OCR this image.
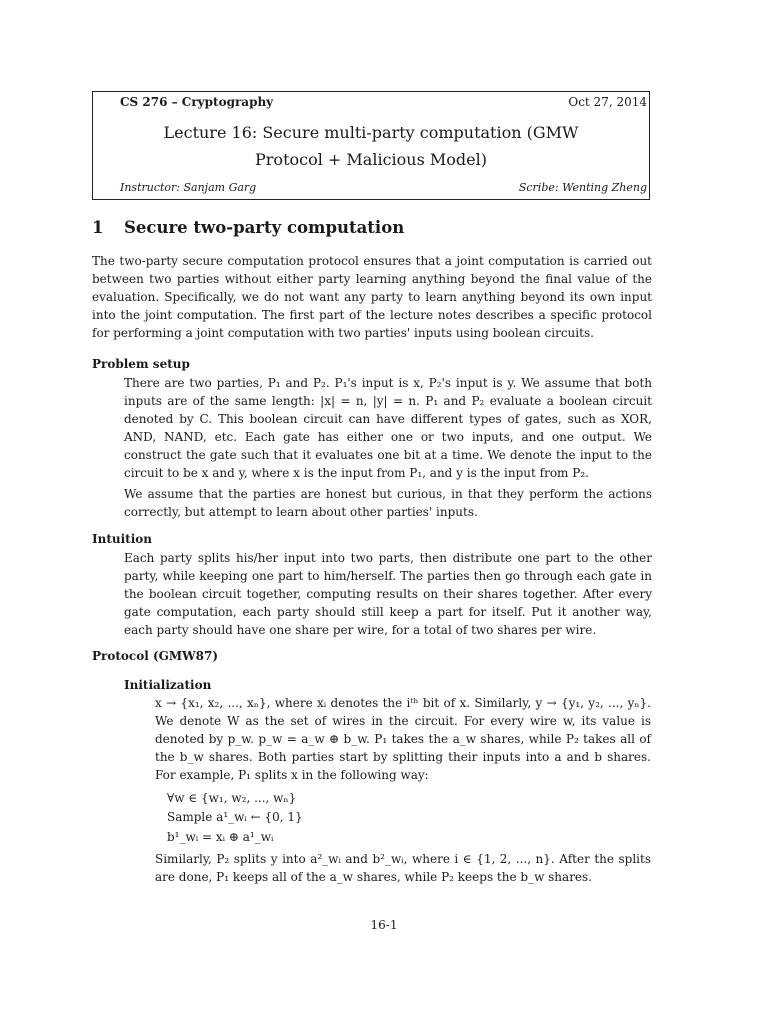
CS 276 – Cryptography	Oct 27, 2014
Lecture 16: Secure multi-party computation (GMW Protocol + Malicious Model)
Instructor: Sanjam Garg	Scribe: Wenting Zheng
1 Secure two-party computation
The two-party secure computation protocol ensures that a joint computation is carried out between two parties without either party learning anything beyond the final value of the evaluation. Specifically, we do not want any party to learn anything beyond its own input into the joint computation. The first part of the lecture notes describes a specific protocol for performing a joint computation with two parties' inputs using boolean circuits.
Problem setup
There are two parties, P₁ and P₂. P₁'s input is x, P₂'s input is y. We assume that both inputs are of the same length: |x| = n, |y| = n. P₁ and P₂ evaluate a boolean circuit denoted by C. This boolean circuit can have different types of gates, such as XOR, AND, NAND, etc. Each gate has either one or two inputs, and one output. We construct the gate such that it evaluates one bit at a time. We denote the input to the circuit to be x and y, where x is the input from P₁, and y is the input from P₂.
We assume that the parties are honest but curious, in that they perform the actions correctly, but attempt to learn about other parties' inputs.
Intuition
Each party splits his/her input into two parts, then distribute one part to the other party, while keeping one part to him/herself. The parties then go through each gate in the boolean circuit together, computing results on their shares together. After every gate computation, each party should still keep a part for itself. Put it another way, each party should have one share per wire, for a total of two shares per wire.
Protocol (GMW87)
Initialization
x → {x₁, x₂, ..., xₙ}, where xᵢ denotes the iᵗʰ bit of x. Similarly, y → {y₁, y₂, ..., yₙ}. We denote W as the set of wires in the circuit. For every wire w, its value is denoted by p_w. p_w = a_w ⊕ b_w. P₁ takes the a_w shares, while P₂ takes all of the b_w shares. Both parties start by splitting their inputs into a and b shares. For example, P₁ splits x in the following way:
∀w ∈ {w₁, w₂, ..., wₙ}
Sample a¹_wᵢ ← {0, 1}
b¹_wᵢ = xᵢ ⊕ a¹_wᵢ
Similarly, P₂ splits y into a²_wᵢ and b²_wᵢ, where i ∈ {1, 2, ..., n}. After the splits are done, P₁ keeps all of the a_w shares, while P₂ keeps the b_w shares.
16-1
